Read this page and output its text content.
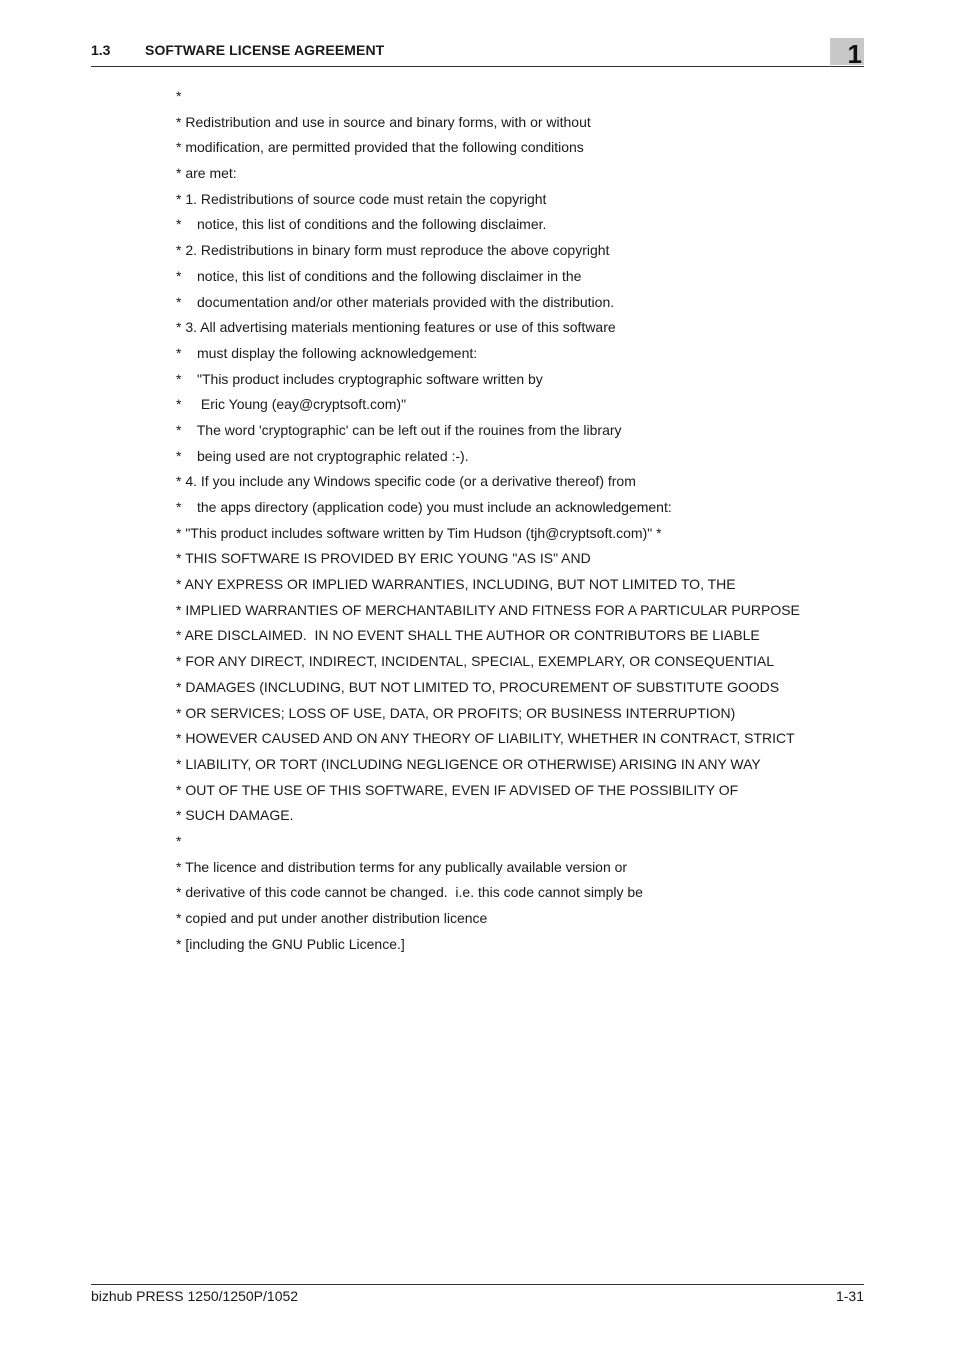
1.3 SOFTWARE LICENSE AGREEMENT	1
*
* Redistribution and use in source and binary forms, with or without
* modification, are permitted provided that the following conditions
* are met:
* 1. Redistributions of source code must retain the copyright
*    notice, this list of conditions and the following disclaimer.
* 2. Redistributions in binary form must reproduce the above copyright
*    notice, this list of conditions and the following disclaimer in the
*    documentation and/or other materials provided with the distribution.
* 3. All advertising materials mentioning features or use of this software
*    must display the following acknowledgement:
*    "This product includes cryptographic software written by
*     Eric Young (eay@cryptsoft.com)"
*    The word 'cryptographic' can be left out if the rouines from the library
*    being used are not cryptographic related :-).
* 4. If you include any Windows specific code (or a derivative thereof) from
*    the apps directory (application code) you must include an acknowledgement:
* "This product includes software written by Tim Hudson (tjh@cryptsoft.com)" *
* THIS SOFTWARE IS PROVIDED BY ERIC YOUNG "AS IS" AND
* ANY EXPRESS OR IMPLIED WARRANTIES, INCLUDING, BUT NOT LIMITED TO, THE
* IMPLIED WARRANTIES OF MERCHANTABILITY AND FITNESS FOR A PARTICULAR PURPOSE
* ARE DISCLAIMED.  IN NO EVENT SHALL THE AUTHOR OR CONTRIBUTORS BE LIABLE
* FOR ANY DIRECT, INDIRECT, INCIDENTAL, SPECIAL, EXEMPLARY, OR CONSEQUENTIAL
* DAMAGES (INCLUDING, BUT NOT LIMITED TO, PROCUREMENT OF SUBSTITUTE GOODS
* OR SERVICES; LOSS OF USE, DATA, OR PROFITS; OR BUSINESS INTERRUPTION)
* HOWEVER CAUSED AND ON ANY THEORY OF LIABILITY, WHETHER IN CONTRACT, STRICT
* LIABILITY, OR TORT (INCLUDING NEGLIGENCE OR OTHERWISE) ARISING IN ANY WAY
* OUT OF THE USE OF THIS SOFTWARE, EVEN IF ADVISED OF THE POSSIBILITY OF
* SUCH DAMAGE.
*
* The licence and distribution terms for any publically available version or
* derivative of this code cannot be changed.  i.e. this code cannot simply be
* copied and put under another distribution licence
* [including the GNU Public Licence.]
bizhub PRESS 1250/1250P/1052	1-31
